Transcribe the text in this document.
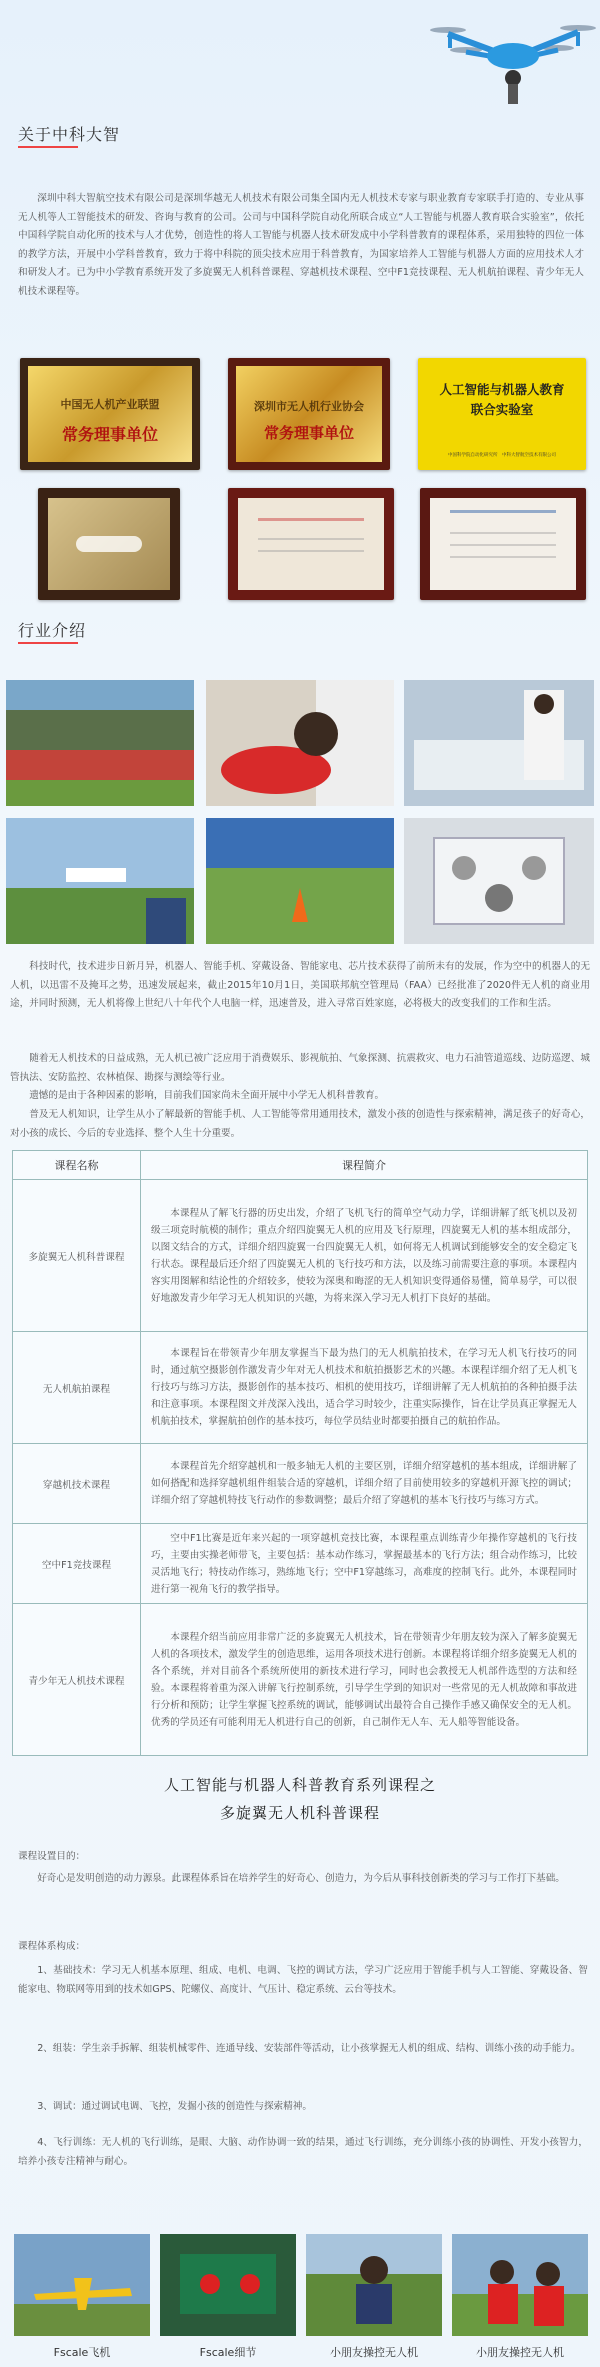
关于中科大智
深圳中科大智航空技术有限公司是深圳华越无人机技术有限公司集全国内无人机技术专家与职业教育专家联手打造的、专业从事无人机等人工智能技术的研发、咨询与教育的公司。公司与中国科学院自动化所联合成立“人工智能与机器人教育联合实验室”，依托中国科学院自动化所的技术与人才优势，创造性的将人工智能与机器人技术研发成中小学科普教育的课程体系，采用独特的四位一体的教学方法，开展中小学科普教育，致力于将中科院的顶尖技术应用于科普教育，为国家培养人工智能与机器人方面的应用技术人才和研发人才。已为中小学教育系统开发了多旋翼无人机科普课程、穿越机技术课程、空中F1竞技课程、无人机航拍课程、青少年无人机技术课程等。
中国无人机产业联盟
常务理事单位
深圳市无人机行业协会
常务理事单位
人工智能与机器人教育
联合实验室
中国科学院自动化研究所　中科大智航空技术有限公司
行业介绍
科技时代，技术进步日新月异，机器人、智能手机、穿戴设备、智能家电、芯片技术获得了前所未有的发展，作为空中的机器人的无人机，以迅雷不及掩耳之势，迅速发展起来，截止2015年10月1日，美国联邦航空管理局（FAA）已经批准了2020件无人机的商业用途，并同时预测，无人机将像上世纪八十年代个人电脑一样，迅速普及，进入寻常百姓家庭，必将极大的改变我们的工作和生活。
随着无人机技术的日益成熟，无人机已被广泛应用于消费娱乐、影视航拍、气象探测、抗震救灾、电力石油管道巡线、边防巡逻、城管执法、安防监控、农林植保、勘探与测绘等行业。
遗憾的是由于各种因素的影响，目前我们国家尚未全面开展中小学无人机科普教育。
普及无人机知识，让学生从小了解最新的智能手机、人工智能等常用通用技术，激发小孩的创造性与探索精神，满足孩子的好奇心，对小孩的成长、今后的专业选择、整个人生十分重要。
课程名称	课程简介
多旋翼无人机科普课程	本课程从了解飞行器的历史出发，介绍了飞机飞行的简单空气动力学，详细讲解了纸飞机以及初级三项竞时航模的制作；重点介绍四旋翼无人机的应用及飞行原理，四旋翼无人机的基本组成部分，以图文结合的方式，详细介绍四旋翼一台四旋翼无人机，如何将无人机调试到能够安全的安全稳定飞行状态。课程最后还介绍了四旋翼无人机的飞行技巧和方法，以及练习前需要注意的事项。本课程内容实用图解和结论性的介绍较多，使较为深奥和晦涩的无人机知识变得通俗易懂，简单易学，可以很好地激发青少年学习无人机知识的兴趣，为将来深入学习无人机打下良好的基础。
无人机航拍课程	本课程旨在带领青少年朋友掌握当下最为热门的无人机航拍技术，在学习无人机飞行技巧的同时，通过航空摄影创作激发青少年对无人机技术和航拍摄影艺术的兴趣。本课程详细介绍了无人机飞行技巧与练习方法，摄影创作的基本技巧、相机的使用技巧，详细讲解了无人机航拍的各种拍摄手法和注意事项。本课程图文并茂深入浅出，适合学习时较少，注重实际操作，旨在让学员真正掌握无人机航拍技术，掌握航拍创作的基本技巧，每位学员结业时都要拍摄自己的航拍作品。
穿越机技术课程	本课程首先介绍穿越机和一般多轴无人机的主要区别，详细介绍穿越机的基本组成，详细讲解了如何搭配和选择穿越机组件组装合适的穿越机，详细介绍了目前使用较多的穿越机开源飞控的调试；详细介绍了穿越机特技飞行动作的参数调整；最后介绍了穿越机的基本飞行技巧与练习方式。
空中F1竞技课程	空中F1比赛是近年来兴起的一项穿越机竞技比赛，本课程重点训练青少年操作穿越机的飞行技巧，主要由实操老师带飞，主要包括：基本动作练习，掌握最基本的飞行方法；组合动作练习，比较灵活地飞行；特技动作练习，熟练地飞行；空中F1穿越练习，高难度的控制飞行。此外，本课程同时进行第一视角飞行的教学指导。
青少年无人机技术课程	本课程介绍当前应用非常广泛的多旋翼无人机技术，旨在带领青少年朋友较为深入了解多旋翼无人机的各项技术，激发学生的创造思维，运用各项技术进行创新。本课程将详细介绍多旋翼无人机的各个系统，并对目前各个系统所使用的新技术进行学习，同时也会教授无人机部件选型的方法和经验。本课程将着重为深入讲解飞行控制系统，引导学生学到的知识对一些常见的无人机故障和事故进行分析和预防；让学生掌握飞控系统的调试，能够调试出最符合自己操作手感又确保安全的无人机。优秀的学员还有可能利用无人机进行自己的创新，自己制作无人车、无人船等智能设备。
人工智能与机器人科普教育系列课程之
多旋翼无人机科普课程
课程设置目的：
好奇心是发明创造的动力源泉。此课程体系旨在培养学生的好奇心、创造力，为今后从事科技创新类的学习与工作打下基础。
课程体系构成：
1、基础技术：学习无人机基本原理、组成、电机、电调、飞控的调试方法，学习广泛应用于智能手机与人工智能、穿戴设备、智能家电、物联网等用到的技术如GPS、陀螺仪、高度计、气压计、稳定系统、云台等技术。
2、组装：学生亲手拆解、组装机械零件、连通导线、安装部件等活动，让小孩掌握无人机的组成、结构、训练小孩的动手能力。
3、调试：通过调试电调、飞控，发掘小孩的创造性与探索精神。
4、飞行训练：无人机的飞行训练，是眼、大脑、动作协调一致的结果，通过飞行训练，充分训练小孩的协调性、开发小孩智力，培养小孩专注精神与耐心。
Fscale飞机	Fscale细节	小朋友操控无人机	小朋友操控无人机
